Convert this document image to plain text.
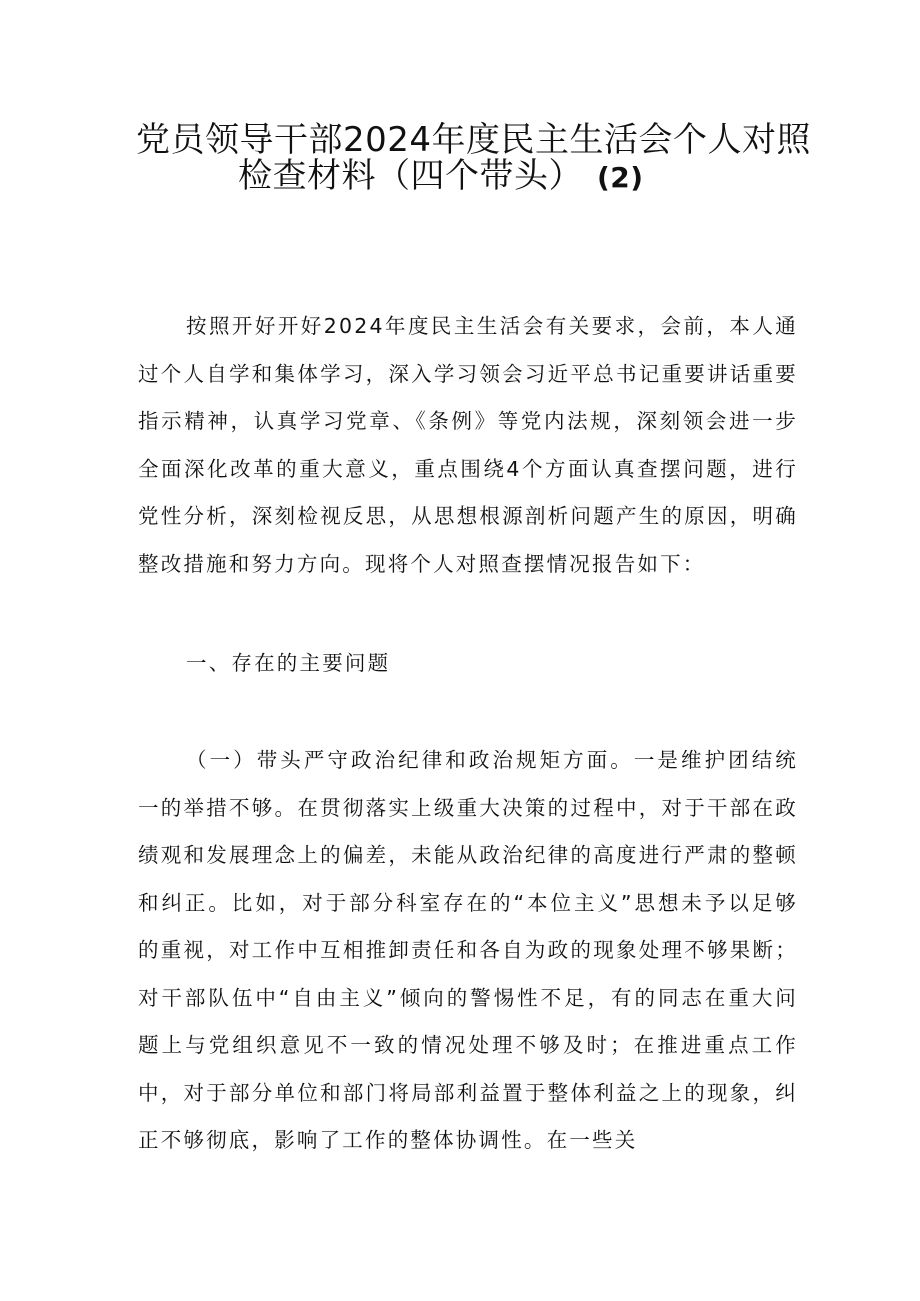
党员领导干部2024年度民主生活会个人对照
检查材料（四个带头） (2)

按照开好开好2024年度民主生活会有关要求，会前，本人通过个人自学和集体学习，深入学习领会习近平总书记重要讲话重要指示精神，认真学习党章、《条例》等党内法规，深刻领会进一步全面深化改革的重大意义，重点围绕4个方面认真查摆问题，进行党性分析，深刻检视反思，从思想根源剖析问题产生的原因，明确整改措施和努力方向。现将个人对照查摆情况报告如下：

一、存在的主要问题

（一）带头严守政治纪律和政治规矩方面。一是维护团结统一的举措不够。在贯彻落实上级重大决策的过程中，对于干部在政绩观和发展理念上的偏差，未能从政治纪律的高度进行严肃的整顿和纠正。比如，对于部分科室存在的“本位主义”思想未予以足够的重视，对工作中互相推卸责任和各自为政的现象处理不够果断；对干部队伍中“自由主义”倾向的警惕性不足，有的同志在重大问题上与党组织意见不一致的情况处理不够及时；在推进重点工作中，对于部分单位和部门将局部利益置于整体利益之上的现象，纠正不够彻底，影响了工作的整体协调性。在一些关
